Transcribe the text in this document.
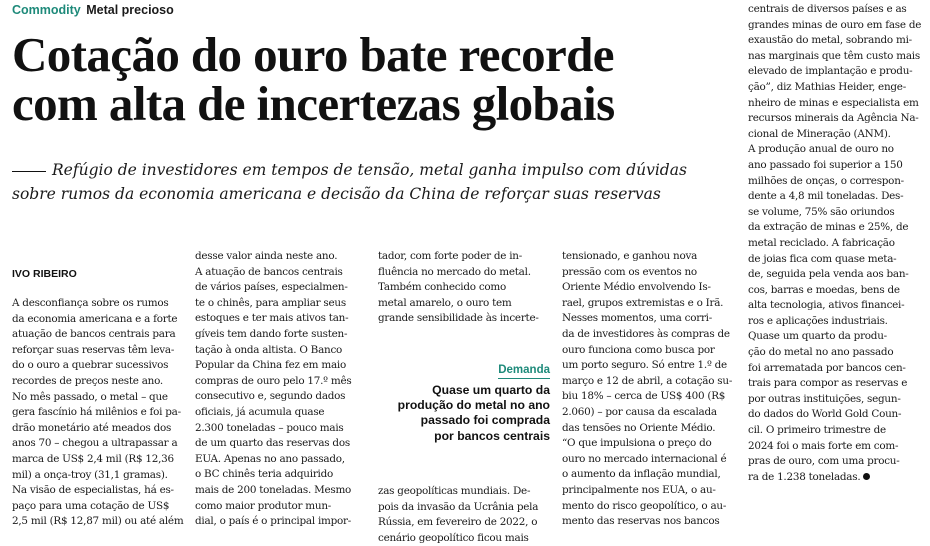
Commodity Metal precioso
Cotação do ouro bate recorde
com alta de incertezas globais
Refúgio de investidores em tempos de tensão, metal ganha impulso com dúvidas
sobre rumos da economia americana e decisão da China de reforçar suas reservas
IVO RIBEIRO
A desconfiança sobre os rumos
da economia americana e a forte
atuação de bancos centrais para
reforçar suas reservas têm leva-
do o ouro a quebrar sucessivos
recordes de preços neste ano.
No mês passado, o metal – que
gera fascínio há milênios e foi pa-
drão monetário até meados dos
anos 70 – chegou a ultrapassar a
marca de US$ 2,4 mil (R$ 12,36
mil) a onça-troy (31,1 gramas).
Na visão de especialistas, há es-
paço para uma cotação de US$
2,5 mil (R$ 12,87 mil) ou até além
desse valor ainda neste ano.
A atuação de bancos centrais
de vários países, especialmen-
te o chinês, para ampliar seus
estoques e ter mais ativos tan-
gíveis tem dando forte susten-
tação à onda altista. O Banco
Popular da China fez em maio
compras de ouro pelo 17.º mês
consecutivo e, segundo dados
oficiais, já acumula quase
2.300 toneladas – pouco mais
de um quarto das reservas dos
EUA. Apenas no ano passado,
o BC chinês teria adquirido
mais de 200 toneladas. Mesmo
como maior produtor mun-
dial, o país é o principal impor-
tador, com forte poder de in-
fluência no mercado do metal.
Também conhecido como
metal amarelo, o ouro tem
grande sensibilidade às incerte-
Demanda
Quase um quarto da
produção do metal no ano
passado foi comprada
por bancos centrais
zas geopolíticas mundiais. De-
pois da invasão da Ucrânia pela
Rússia, em fevereiro de 2022, o
cenário geopolítico ficou mais
tensionado, e ganhou nova
pressão com os eventos no
Oriente Médio envolvendo Is-
rael, grupos extremistas e o Irã.
Nesses momentos, uma corri-
da de investidores às compras de
ouro funciona como busca por
um porto seguro. Só entre 1.º de
março e 12 de abril, a cotação su-
biu 18% – cerca de US$ 400 (R$
2.060) – por causa da escalada
das tensões no Oriente Médio.
“O que impulsiona o preço do
ouro no mercado internacional é
o aumento da inflação mundial,
principalmente nos EUA, o au-
mento do risco geopolítico, o au-
mento das reservas nos bancos
centrais de diversos países e as
grandes minas de ouro em fase de
exaustão do metal, sobrando mi-
nas marginais que têm custo mais
elevado de implantação e produ-
ção”, diz Mathias Heider, enge-
nheiro de minas e especialista em
recursos minerais da Agência Na-
cional de Mineração (ANM).
A produção anual de ouro no
ano passado foi superior a 150
milhões de onças, o correspon-
dente a 4,8 mil toneladas. Des-
se volume, 75% são oriundos
da extração de minas e 25%, de
metal reciclado. A fabricação
de joias fica com quase meta-
de, seguida pela venda aos ban-
cos, barras e moedas, bens de
alta tecnologia, ativos financei-
ros e aplicações industriais.
Quase um quarto da produ-
ção do metal no ano passado
foi arrematada por bancos cen-
trais para compor as reservas e
por outras instituições, segun-
do dados do World Gold Coun-
cil. O primeiro trimestre de
2024 foi o mais forte em com-
pras de ouro, com uma procu-
ra de 1.238 toneladas.
